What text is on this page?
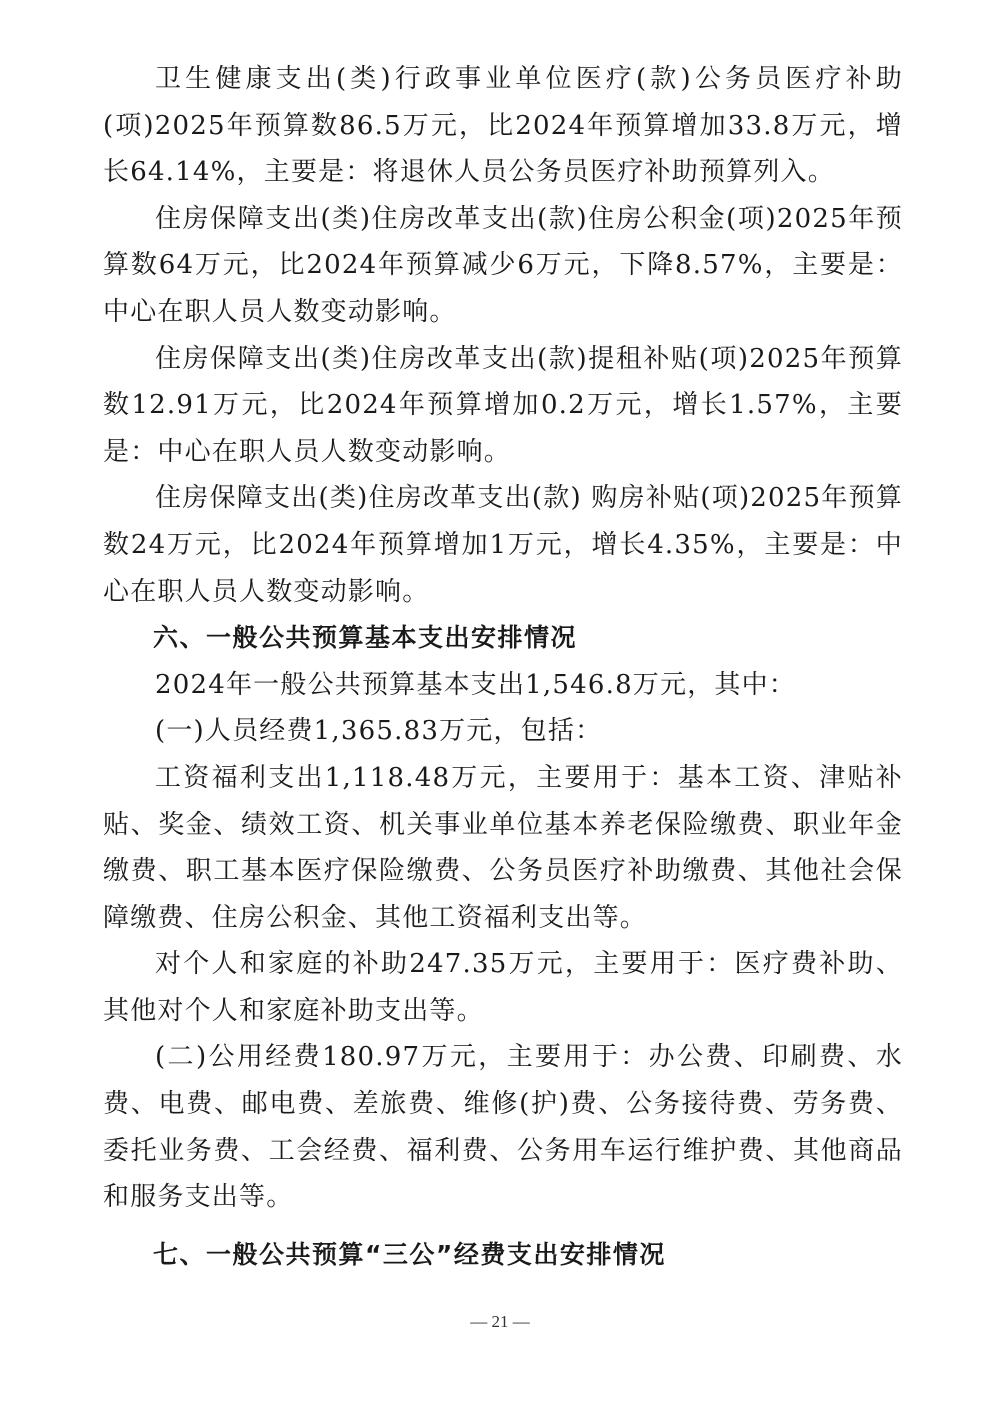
卫生健康支出(类)行政事业单位医疗(款)公务员医疗补助(项)2025年预算数86.5万元，比2024年预算增加33.8万元，增长64.14%，主要是：将退休人员公务员医疗补助预算列入。

住房保障支出(类)住房改革支出(款)住房公积金(项)2025年预算数64万元，比2024年预算减少6万元，下降8.57%，主要是：中心在职人员人数变动影响。

住房保障支出(类)住房改革支出(款)提租补贴(项)2025年预算数12.91万元，比2024年预算增加0.2万元，增长1.57%，主要是：中心在职人员人数变动影响。

住房保障支出(类)住房改革支出(款) 购房补贴(项)2025年预算数24万元，比2024年预算增加1万元，增长4.35%，主要是：中心在职人员人数变动影响。

六、一般公共预算基本支出安排情况

2024年一般公共预算基本支出1,546.8万元，其中：

(一)人员经费1,365.83万元，包括：

工资福利支出1,118.48万元，主要用于：基本工资、津贴补贴、奖金、绩效工资、机关事业单位基本养老保险缴费、职业年金缴费、职工基本医疗保险缴费、公务员医疗补助缴费、其他社会保障缴费、住房公积金、其他工资福利支出等。

对个人和家庭的补助247.35万元，主要用于：医疗费补助、其他对个人和家庭补助支出等。

(二)公用经费180.97万元，主要用于：办公费、印刷费、水费、电费、邮电费、差旅费、维修(护)费、公务接待费、劳务费、委托业务费、工会经费、福利费、公务用车运行维护费、其他商品和服务支出等。

七、一般公共预算“三公”经费支出安排情况
— 21 —
